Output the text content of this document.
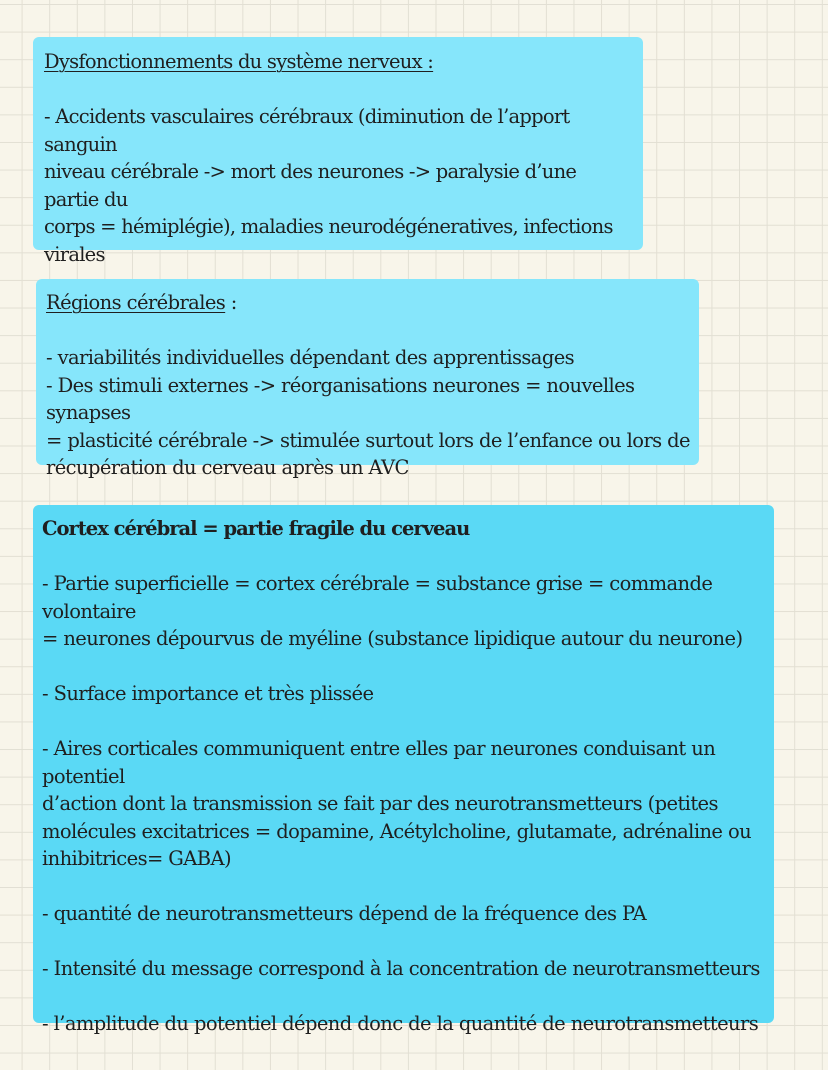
Dysfonctionnements du système nerveux :

- Accidents vasculaires cérébraux (diminution de l’apport sanguin

niveau cérébrale -> mort des neurones -> paralysie d’une partie du

corps = hémiplégie), maladies neurodégéneratives, infections

virales

Régions cérébrales :

- variabilités individuelles dépendant des apprentissages

- Des stimuli externes -> réorganisations neurones = nouvelles synapses

= plasticité cérébrale -> stimulée surtout lors de l’enfance ou lors de

récupération du cerveau après un AVC

Cortex cérébral = partie fragile du cerveau

- Partie superficielle = cortex cérébrale = substance grise = commande volontaire

= neurones dépourvus de myéline (substance lipidique autour du neurone)

- Surface importance et très plissée

- Aires corticales communiquent entre elles par neurones conduisant un potentiel

d’action dont la transmission se fait par des neurotransmetteurs (petites

molécules excitatrices = dopamine, Acétylcholine, glutamate, adrénaline ou

inhibitrices= GABA)

- quantité de neurotransmetteurs dépend de la fréquence des PA

- Intensité du message correspond à la concentration de neurotransmetteurs

- l’amplitude du potentiel dépend donc de la quantité de neurotransmetteurs
